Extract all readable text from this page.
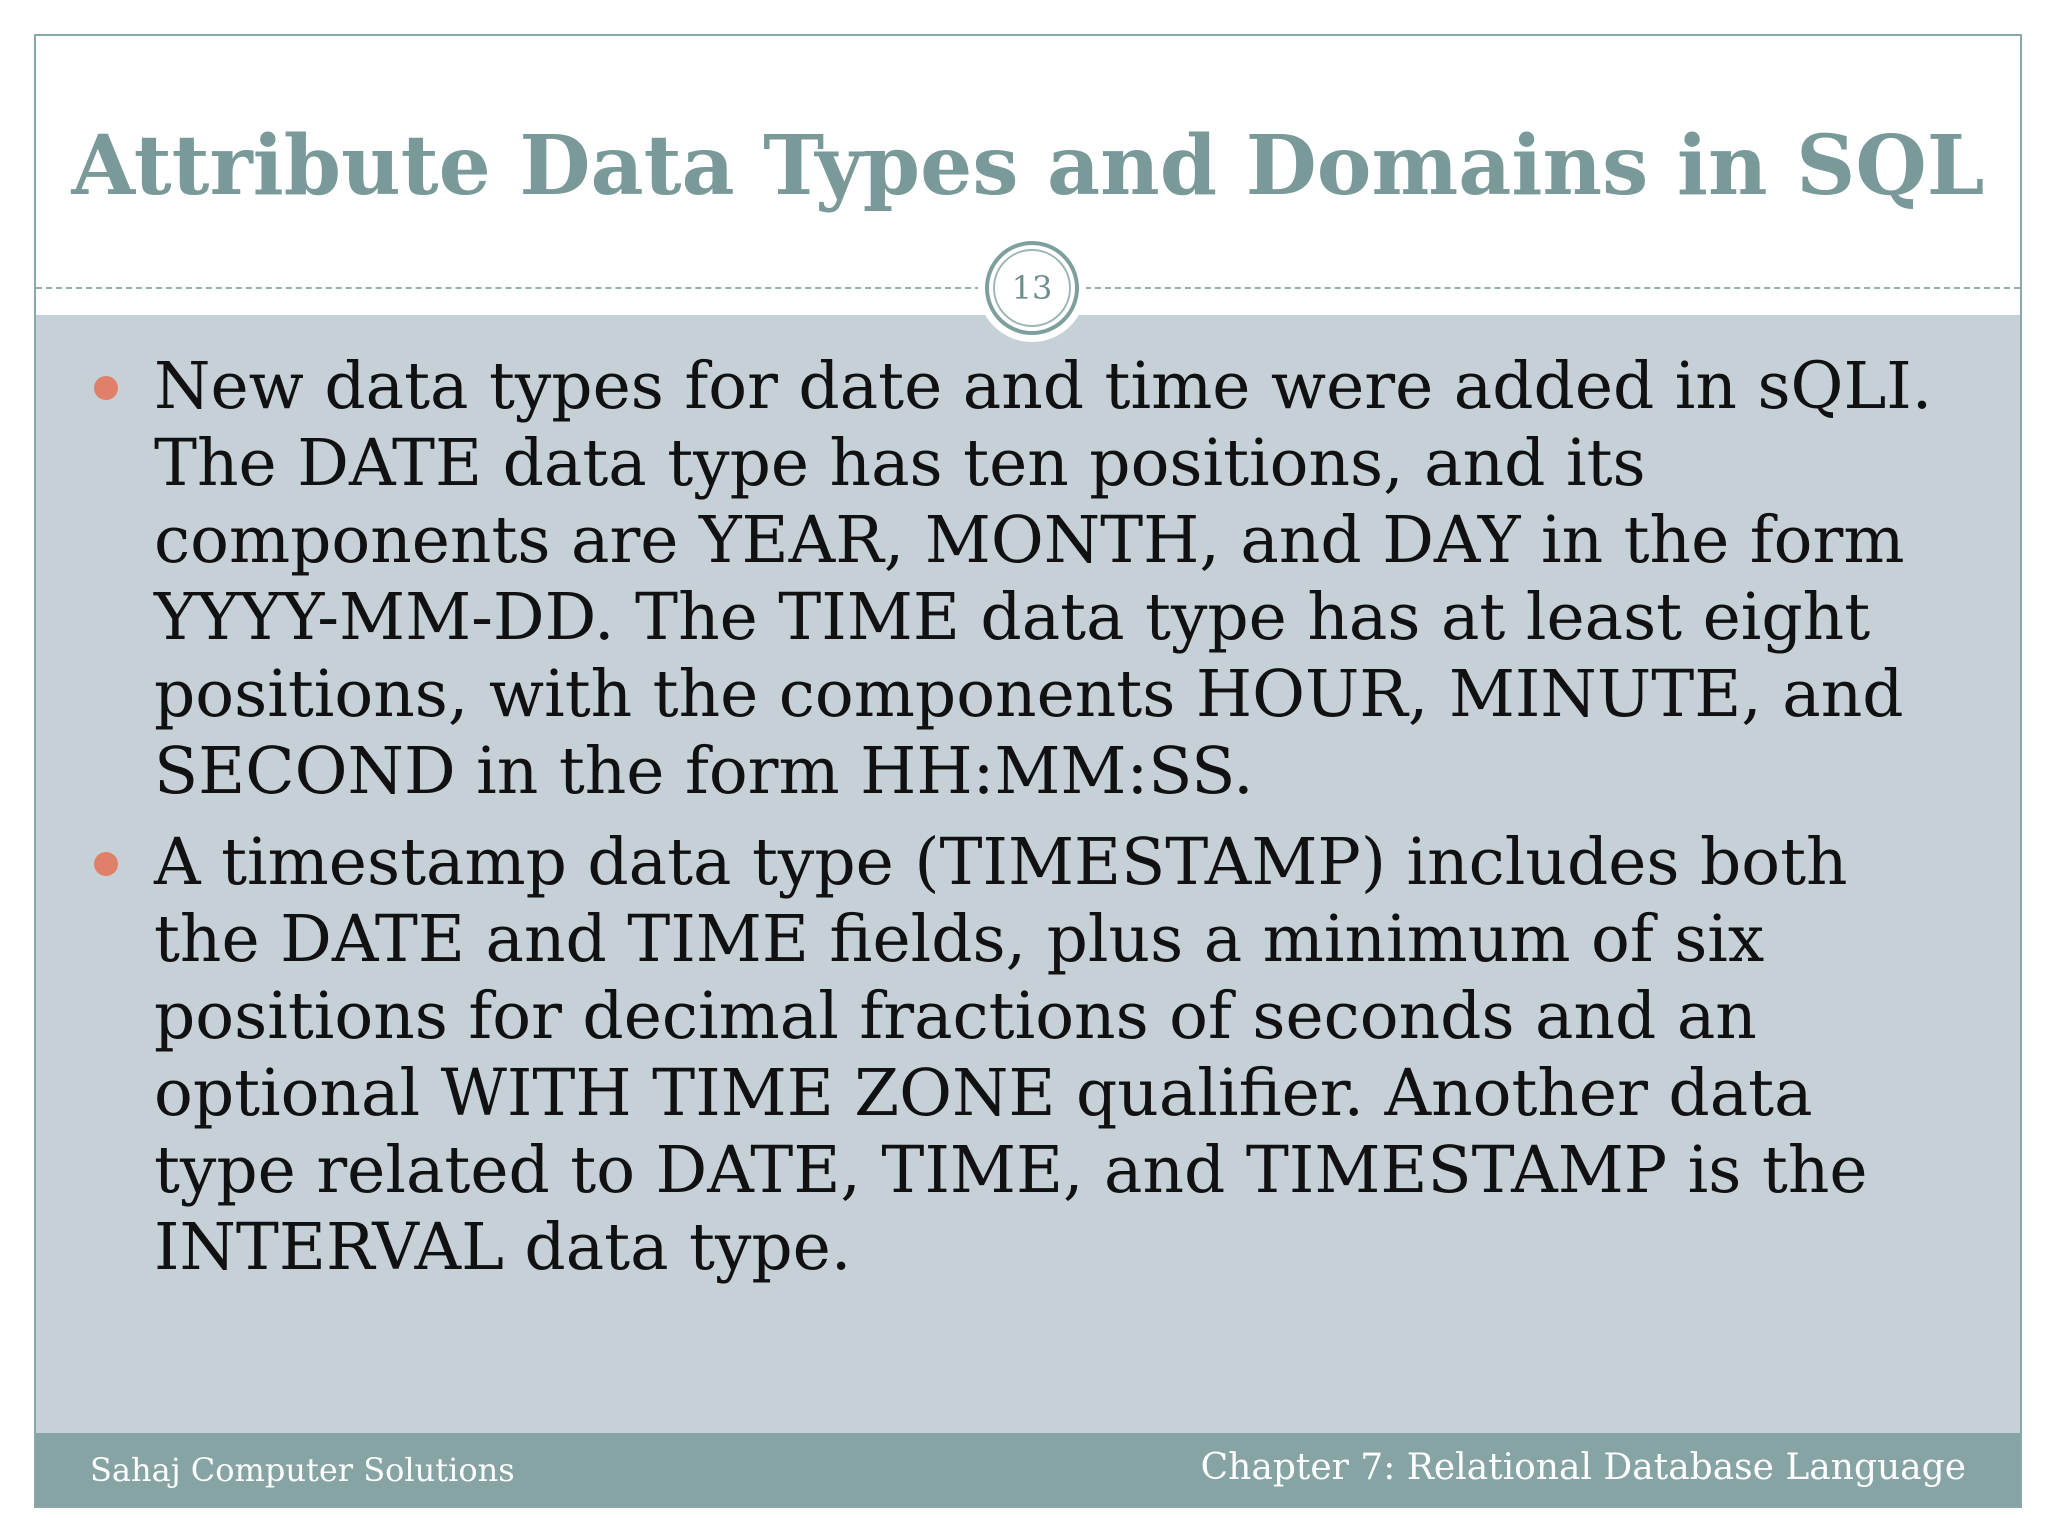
Attribute Data Types and Domains in SQL
13
New data types for date and time were added in sQLI. The DATE data type has ten positions, and its components are YEAR, MONTH, and DAY in the form YYYY-MM-DD. The TIME data type has at least eight positions, with the components HOUR, MINUTE, and SECOND in the form HH:MM:SS.
A timestamp data type (TIMESTAMP) includes both the DATE and TIME fields, plus a minimum of six positions for decimal fractions of seconds and an optional WITH TIME ZONE qualifier. Another data type related to DATE, TIME, and TIMESTAMP is the INTERVAL data type.
Sahaj Computer Solutions	Chapter 7: Relational Database Language
